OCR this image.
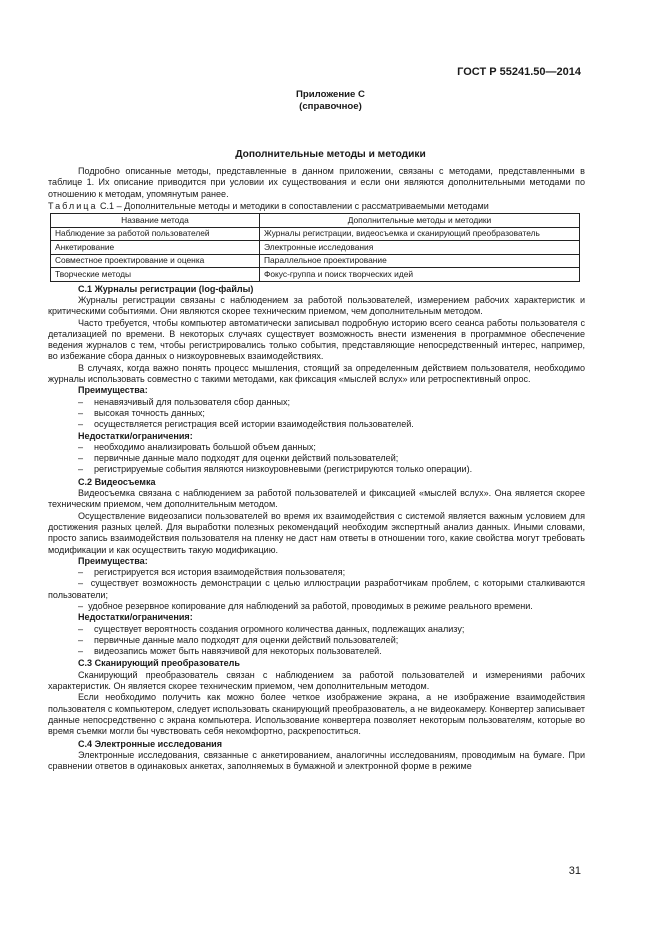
ГОСТ Р 55241.50—2014
Приложение С
(справочное)
Дополнительные методы и методики

Подробно описанные методы, представленные в данном приложении, связаны с методами, представленными в таблице 1. Их описание приводится при условии их существования и если они являются дополнительными методами по отношению к методам, упомянутым ранее.

Таблица С.1 – Дополнительные методы и методики в сопоставлении с рассматриваемыми методами

Название метода	Дополнительные методы и методики
Наблюдение за работой пользователей	Журналы регистрации, видеосъемка и сканирующий преобразователь
Анкетирование	Электронные исследования
Совместное проектирование и оценка	Параллельное проектирование
Творческие методы	Фокус-группа и поиск творческих идей

С.1 Журналы регистрации (log-файлы)

Журналы регистрации связаны с наблюдением за работой пользователей, измерением рабочих характеристик и критическими событиями. Они являются скорее техническим приемом, чем дополнительным методом.

Часто требуется, чтобы компьютер автоматически записывал подробную историю всего сеанса работы пользователя с детализацией по времени. В некоторых случаях существует возможность внести изменения в программное обеспечение ведения журналов с тем, чтобы регистрировались только события, представляющие непосредственный интерес, например, во избежание сбора данных о низкоуровневых взаимодействиях.

В случаях, когда важно понять процесс мышления, стоящий за определенным действием пользователя, необходимо журналы использовать совместно с такими методами, как фиксация «мыслей вслух» или ретроспективный опрос.

Преимущества:

– ненавязчивый для пользователя сбор данных;

– высокая точность данных;

– осуществляется регистрация всей истории взаимодействия пользователей.

Недостатки/ограничения:

– необходимо анализировать большой объем данных;

– первичные данные мало подходят для оценки действий пользователей;

– регистрируемые события являются низкоуровневыми (регистрируются только операции).

С.2 Видеосъемка

Видеосъемка связана с наблюдением за работой пользователей и фиксацией «мыслей вслух». Она является скорее техническим приемом, чем дополнительным методом.

Осуществление видеозаписи пользователей во время их взаимодействия с системой является важным условием для достижения разных целей. Для выработки полезных рекомендаций необходим экспертный анализ данных. Иными словами, просто запись взаимодействия пользователя на пленку не даст нам ответы в отношении того, какие свойства могут требовать модификации и как осуществить такую модификацию.

Преимущества:

– регистрируется вся история взаимодействия пользователя;

–  существует возможность демонстрации с целью иллюстрации разработчикам проблем, с которыми сталкиваются пользователи;

–  удобное резервное копирование для наблюдений за работой, проводимых в режиме реального времени.

Недостатки/ограничения:

– существует вероятность создания огромного количества данных, подлежащих анализу;

– первичные данные мало подходят для оценки действий пользователей;

– видеозапись может быть навязчивой для некоторых пользователей.

С.3 Сканирующий преобразователь

Сканирующий преобразователь связан с наблюдением за работой пользователей и измерениями рабочих характеристик. Он является скорее техническим приемом, чем дополнительным методом.

Если необходимо получить как можно более четкое изображение экрана, а не изображение взаимодействия пользователя с компьютером, следует использовать сканирующий преобразователь, а не видеокамеру. Конвертер записывает данные непосредственно с экрана компьютера. Использование конвертера позволяет некоторым пользователям, которые во время съемки могли бы чувствовать себя некомфортно, раскрепоститься.

С.4 Электронные исследования

Электронные исследования, связанные с анкетированием, аналогичны исследованиям, проводимым на бумаге. При сравнении ответов в одинаковых анкетах, заполняемых в бумажной и электронной форме в режиме

31
